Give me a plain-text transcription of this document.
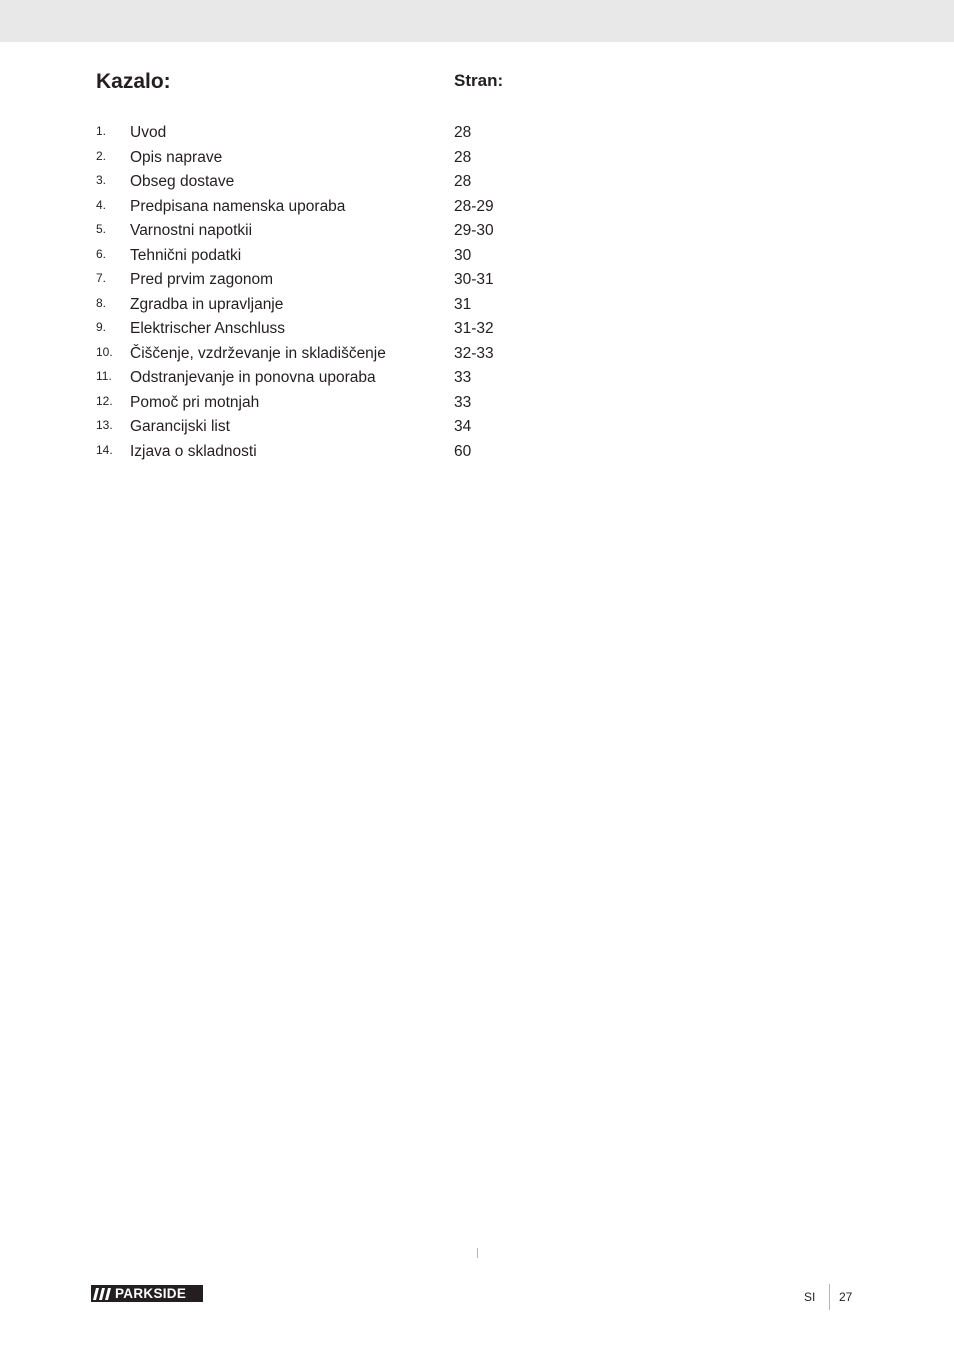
Kazalo:	Stran:
1. Uvod	28
2. Opis naprave	28
3. Obseg dostave	28
4. Predpisana namenska uporaba	28-29
5. Varnostni napotkii	29-30
6. Tehnični podatki	30
7. Pred prvim zagonom	30-31
8. Zgradba in upravljanje	31
9. Elektrischer Anschluss	31-32
10. Čiščenje, vzdrževanje in skladiščenje	32-33
11. Odstranjevanje in ponovna uporaba	33
12. Pomoč pri motnjah	33
13. Garancijski list	34
14. Izjava o skladnosti	60
PARKSIDE	SI 27
